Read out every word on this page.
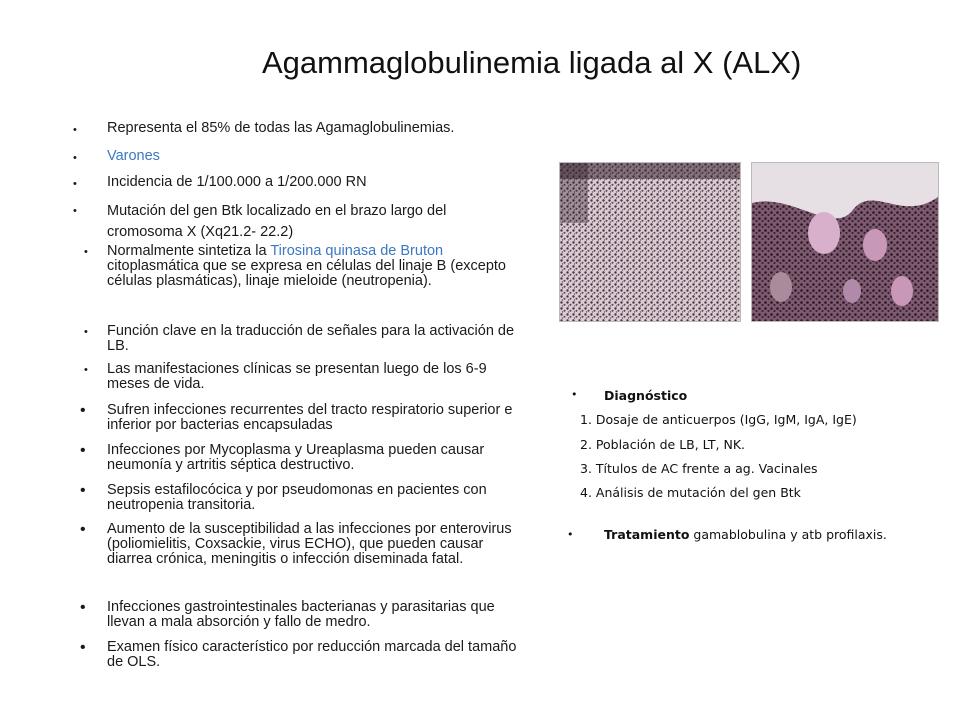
Agammaglobulinemia ligada al X (ALX)
• Representa el 85% de todas las Agamaglobulinemias.
• Varones
• Incidencia de 1/100.000 a 1/200.000 RN
• Mutación del gen Btk localizado en el brazo largo del
cromosoma X (Xq21.2- 22.2)
• Normalmente sintetiza la Tirosina quinasa de Bruton citoplasmática que se expresa en células del linaje B (excepto células plasmáticas), linaje mieloide (neutropenia).
• Función clave en la traducción de señales para la activación de LB.
• Las manifestaciones clínicas se presentan luego de los 6-9 meses de vida.
• Sufren infecciones recurrentes del tracto respiratorio superior e inferior por bacterias encapsuladas
• Infecciones por Mycoplasma y Ureaplasma pueden causar neumonía y artritis séptica destructivo.
• Sepsis estafilocócica y por pseudomonas en pacientes con neutropenia transitoria.
• Aumento de la susceptibilidad a las infecciones por enterovirus (poliomielitis, Coxsackie, virus ECHO), que pueden causar diarrea crónica, meningitis o infección diseminada fatal.
• Infecciones gastrointestinales bacterianas y parasitarias que llevan a mala absorción y fallo de medro.
• Examen físico característico por reducción marcada del tamaño de OLS.
• Diagnóstico
1. Dosaje de anticuerpos (IgG, IgM, IgA, IgE)
2. Población de LB, LT, NK.
3. Títulos de AC frente a ag. Vacinales
4. Análisis de mutación del gen Btk
• Tratamiento gamablobulina y atb profilaxis.
